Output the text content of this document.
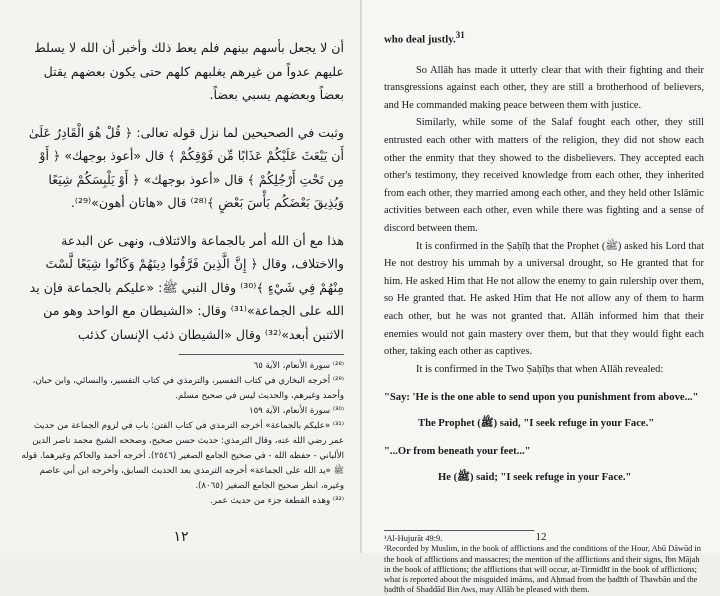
أن لا يجعل بأسهم بينهم فلم يعط ذلك وأخبر أن الله لا يسلط عليهم عدواً من غيرهم يغلبهم كلهم حتى يكون بعضهم يقتل بعضاً وبعضهم يسبي بعضاً.

وثبت في الصحيحين لما نزل قوله تعالى: ﴿ قُلْ هُوَ الْقَادِرُ عَلَىٰ أَن يَبْعَثَ عَلَيْكُمْ عَذَابًا مِّن فَوْقِكُمْ ﴾ قال «أعوذ بوجهك» ﴿ أَوْ مِن تَحْتِ أَرْجُلِكُمْ ﴾ قال «أعوذ بوجهك» ﴿ أَوْ يَلْبِسَكُمْ شِيَعًا وَيُذِيقَ بَعْضَكُم بَأْسَ بَعْضٍ ﴾⁽²⁸⁾ قال «هاتان أهون»⁽²⁹⁾.

هذا مع أن الله أمر بالجماعة والائتلاف، ونهى عن البدعة والاختلاف، وقال ﴿ إِنَّ الَّذِينَ فَرَّقُوا دِينَهُمْ وَكَانُوا شِيَعًا لَّسْتَ مِنْهُمْ فِي شَيْءٍ ﴾⁽³⁰⁾ وقال النبي ﷺ: «عليكم بالجماعة فإن يد الله على الجماعة»⁽³¹⁾ وقال: «الشيطان مع الواحد وهو من الاثنين أبعد»⁽³²⁾ وقال «الشيطان ذئب الإنسان كذئب

⁽²⁸⁾ سورة الأنعام، الآية ٦٥

⁽²⁹⁾ أخرجه البخاري في كتاب التفسير، والترمذي في كتاب التفسير، والنسائي، وابن حبان، وأحمد وغيرهم، والحديث ليس في صحيح مسلم.

⁽³⁰⁾ سورة الأنعام، الآية ١٥٩

⁽³¹⁾ «عليكم بالجماعة» أخرجه الترمذي في كتاب الفتن: باب في لزوم الجماعة من حديث عمر رضي الله عنه، وقال الترمذي: حديث حسن صحيح، وصححه الشيخ محمد ناصر الدين الألباني - حفظه الله - في صحيح الجامع الصغير (٢٥٤٦). أخرجه أحمد والحاكم وغيرهما. قوله ﷺ «يد الله على الجماعة» أخرجه الترمذي بعد الحديث السابق، وأخرجه ابن أبي عاصم وغيره، انظر صحيح الجامع الصغير (٨٠٦٥).

⁽³²⁾ وهذه القطعة جزء من حديث عمر.

١٢

who deal justly.$^{31}$

So Allāh has made it utterly clear that with their fighting and their transgressions against each other, they are still a brotherhood of believers, and He commanded making peace between them with justice.

Similarly, while some of the Salaf fought each other, they still entrusted each other with matters of the religion, they did not show each other the enmity that they showed to the disbelievers. They accepted each other's testimony, they received knowledge from each other, they inherited from each other, they married among each other, and they held other Islāmic activities between each other, even while there was fighting and a sense of discord between them.

It is confirmed in the Ṣaḥīḥ that the Prophet (ﷺ) asked his Lord that He not destroy his ummah by a universal drought, so He granted that for him. He asked Him that He not allow the enemy to gain rulership over them, so He granted that. He asked Him that He not allow any of them to harm each other, but he was not granted that. Allāh informed him that their enemies would not gain mastery over them, but that they would fight each other, taking each other as captives.

It is confirmed in the Two Ṣaḥīḥs that when Allāh revealed:

"Say: 'He is the one able to send upon you punishment from above..."

The Prophet (ﷺ) said, "I seek refuge in your Face."

"...Or from beneath your feet..."

He (ﷺ) said; "I seek refuge in your Face."

¹Al-Hujurāt 49:9.

²Recorded by Muslim, in the book of afflictions and the conditions of the Hour, Abū Dāwūd in the book of afflictions and massacres; the mention of the afflictions and their signs, Ibn Mājah in the book of afflictions; the afflictions that will occur, at-Tirmidhī in the book of afflictions; what is reported about the misguided imāms, and Aḥmad from the ḥadīth of Thawbān and the ḥadīth of Shaddād Bin Aws, may Allāh be pleased with them.

12
